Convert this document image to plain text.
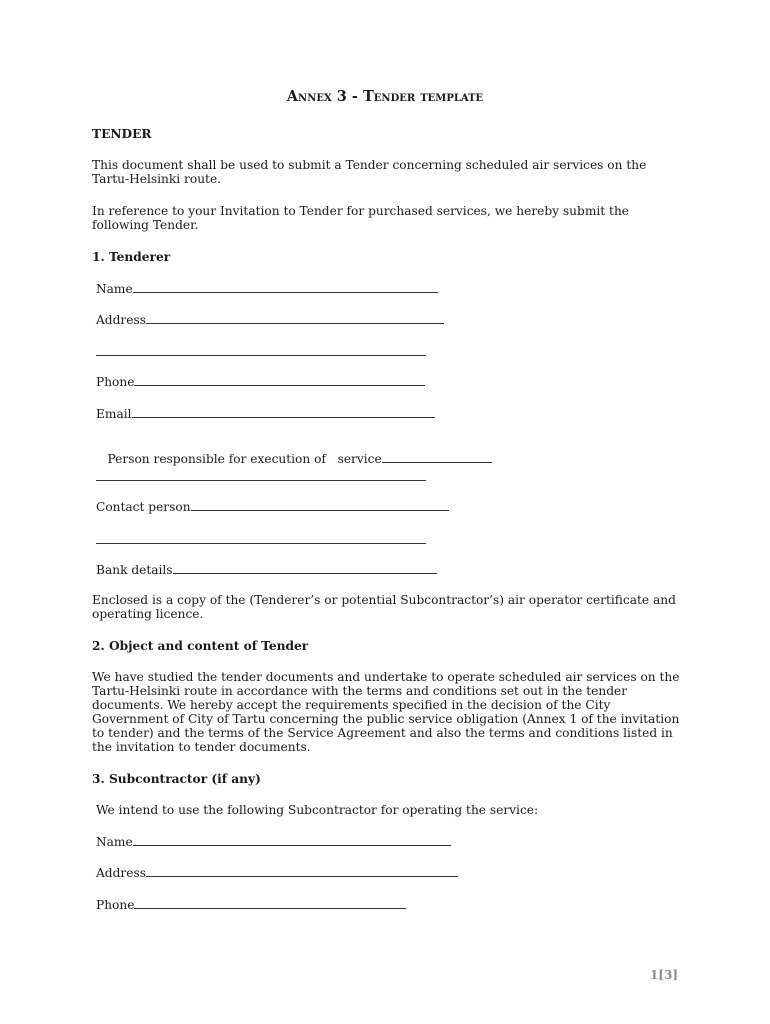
Annex 3 - Tender template
TENDER
This document shall be used to submit a Tender concerning scheduled air services on the Tartu-Helsinki route.
In reference to your Invitation to Tender for purchased services, we hereby submit the following Tender.
1. Tenderer
Name
Address
Phone
Email

Person responsible for execution of   service

Contact person
Bank details
Enclosed is a copy of the (Tenderer’s or potential Subcontractor’s) air operator certificate and operating licence.
2. Object and content of Tender
We have studied the tender documents and undertake to operate scheduled air services on the Tartu-Helsinki route in accordance with the terms and conditions set out in the tender documents. We hereby accept the requirements specified in the decision of the City Government of City of Tartu concerning the public service obligation (Annex 1 of the invitation to tender) and the terms of the Service Agreement and also the terms and conditions listed in the invitation to tender documents.
3. Subcontractor (if any)
We intend to use the following Subcontractor for operating the service:
Name
Address
Phone
1[3]
